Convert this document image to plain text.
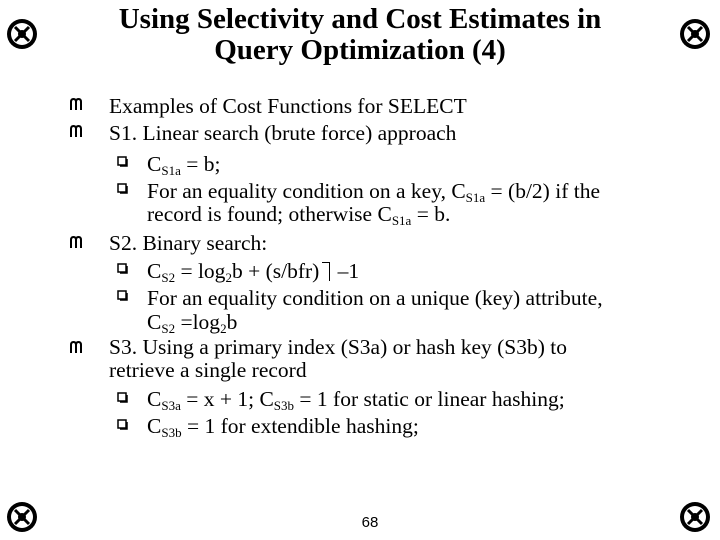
Using Selectivity and Cost Estimates in
Query Optimization (4)
Examples of Cost Functions for SELECT
S1. Linear search (brute force) approach
$C_{S1a} = b$;
For an equality condition on a key, $C_{S1a} = (b/2)$ if the
record is found; otherwise $C_{S1a} = b$.
S2. Binary search:
$C_{S2} = \log_2b + (s/bfr)$ –1
For an equality condition on a unique (key) attribute,
$C_{S2} =\log_2b$
S3. Using a primary index (S3a) or hash key (S3b) to
retrieve a single record
$C_{S3a} = x + 1$; $C_{S3b} = 1$ for static or linear hashing;
$C_{S3b} = 1$ for extendible hashing;
68
